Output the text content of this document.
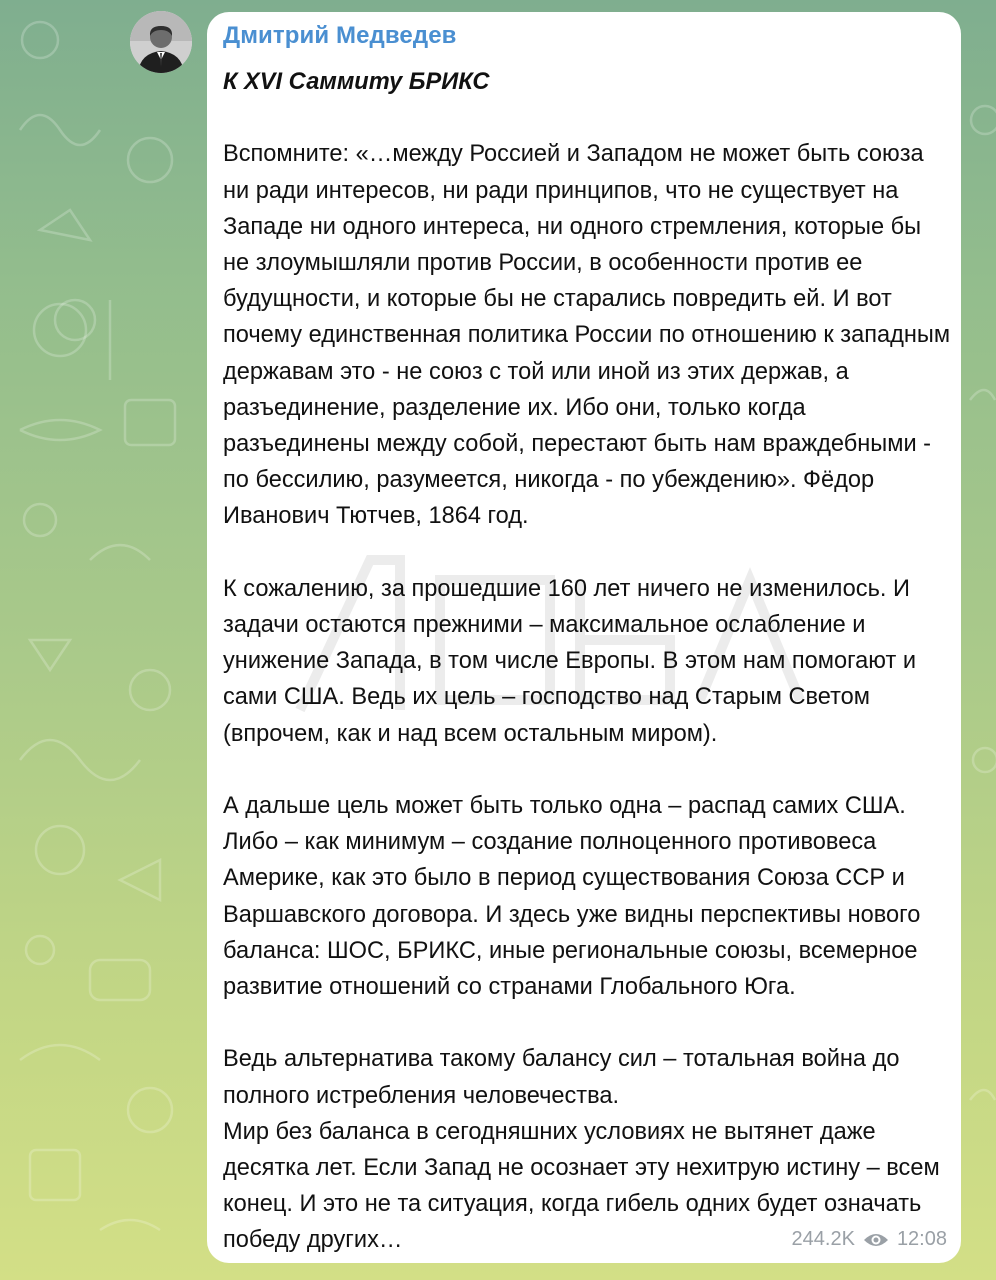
Дмитрий Медведев

К XVI Саммиту БРИКС

Вспомните: «…между Россией и Западом не может быть союза ни ради интересов, ни ради принципов, что не существует на Западе ни одного интереса, ни одного стремления, которые бы не злоумышляли против России, в особенности против ее будущности, и которые бы не старались повредить ей. И вот почему единственная политика России по отношению к западным державам это - не союз с той или иной из этих держав, а разъединение, разделение их. Ибо они, только когда разъединены между собой, перестают быть нам враждебными - по бессилию, разумеется, никогда - по убеждению». Фёдор Иванович Тютчев, 1864 год.

К сожалению, за прошедшие 160 лет ничего не изменилось. И задачи остаются прежними – максимальное ослабление и унижение Запада, в том числе Европы. В этом нам помогают и сами США. Ведь их цель – господство над Старым Светом (впрочем, как и над всем остальным миром).

А дальше цель может быть только одна – распад самих США. Либо – как минимум – создание полноценного противовеса Америке, как это было в период существования Союза ССР и Варшавского договора. И здесь уже видны перспективы нового баланса: ШОС, БРИКС, иные региональные союзы, всемерное развитие отношений со странами Глобального Юга.

Ведь альтернатива такому балансу сил – тотальная война до полного истребления человечества.

Мир без баланса в сегодняшних условиях не вытянет даже десятка лет. Если Запад не осознает эту нехитрую истину – всем конец. И это не та ситуация, когда гибель одних будет означать победу других…	244.2K 12:08
